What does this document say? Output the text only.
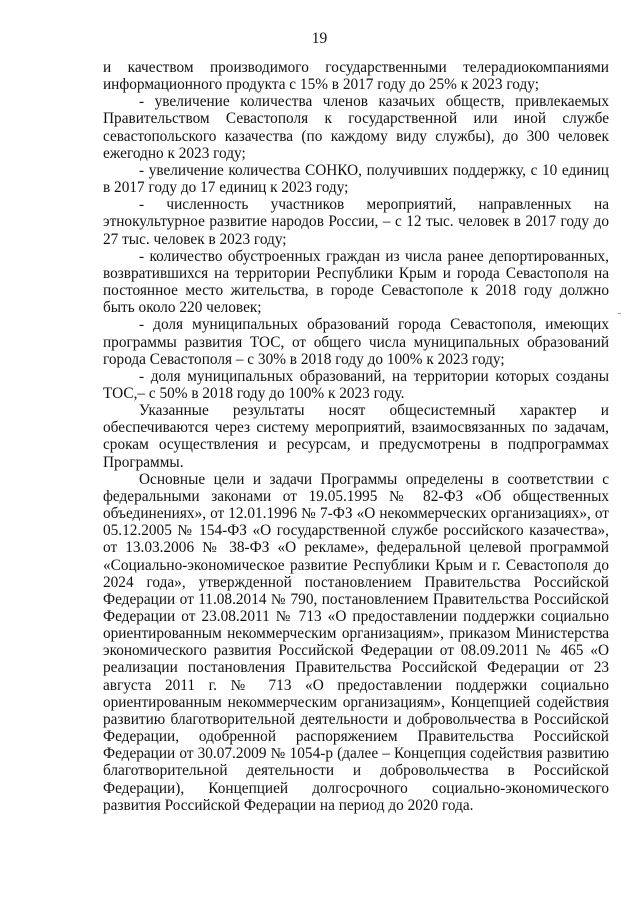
19

и качеством производимого государственными телерадиокомпаниями информационного продукта с 15% в 2017 году до 25% к 2023 году;

- увеличение количества членов казачьих обществ, привлекаемых Правительством Севастополя к государственной или иной службе севастопольского казачества (по каждому виду службы), до 300 человек ежегодно к 2023 году;

- увеличение количества СОНКО, получивших поддержку, с 10 единиц в 2017 году до 17 единиц к 2023 году;

- численность участников мероприятий, направленных на этнокультурное развитие народов России, – с 12 тыс. человек в 2017 году до 27 тыс. человек в 2023 году;

- количество обустроенных граждан из числа ранее депортированных, возвратившихся на территории Республики Крым и города Севастополя на постоянное место жительства, в городе Севастополе к 2018 году должно быть около 220 человек;

- доля муниципальных образований города Севастополя, имеющих программы развития ТОС, от общего числа муниципальных образований города Севастополя – с 30% в 2018 году до 100% к 2023 году;

- доля муниципальных образований, на территории которых созданы ТОС,– с 50% в 2018 году до 100% к 2023 году.

Указанные результаты носят общесистемный характер и обеспечиваются через систему мероприятий, взаимосвязанных по задачам, срокам осуществления и ресурсам, и предусмотрены в подпрограммах Программы.

Основные цели и задачи Программы определены в соответствии с федеральными законами от 19.05.1995 № 82-ФЗ «Об общественных объединениях», от 12.01.1996 № 7-ФЗ «О некоммерческих организациях», от 05.12.2005 № 154-ФЗ «О государственной службе российского казачества», от 13.03.2006 № 38-ФЗ «О рекламе», федеральной целевой программой «Социально-экономическое развитие Республики Крым и г. Севастополя до 2024 года», утвержденной постановлением Правительства Российской Федерации от 11.08.2014 № 790, постановлением Правительства Российской Федерации от 23.08.2011 № 713 «О предоставлении поддержки социально ориентированным некоммерческим организациям», приказом Министерства экономического развития Российской Федерации от 08.09.2011 № 465 «О реализации постановления Правительства Российской Федерации от 23 августа 2011 г. № 713 «О предоставлении поддержки социально ориентированным некоммерческим организациям», Концепцией содействия развитию благотворительной деятельности и добровольчества в Российской Федерации, одобренной распоряжением Правительства Российской Федерации от 30.07.2009 № 1054-р (далее – Концепция содействия развитию благотворительной деятельности и добровольчества в Российской Федерации), Концепцией долгосрочного социально-экономического развития Российской Федерации на период до 2020 года.
